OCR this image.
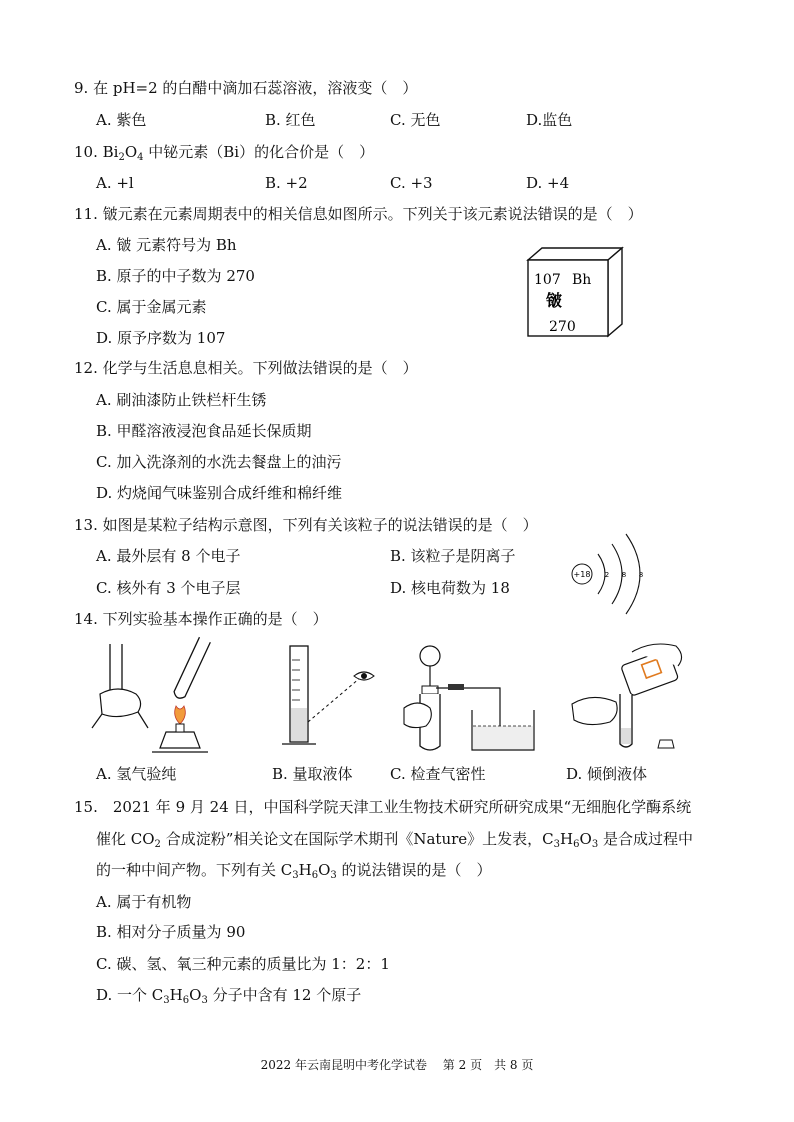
9. 在 pH=2 的白醋中滴加石蕊溶液，溶液变（　）
A. 紫色	B. 红色	C. 无色	D.监色
10. $Bi_2O_4$ 中铋元素（Bi）的化合价是（　）
A. +l	B. +2	C. +3	D. +4
11. 𬭛元素在元素周期表中的相关信息如图所示。下列关于该元素说法错误的是（　）
A. 𬭛 元素符号为 Bh
B. 原子的中子数为 270
C. 属于金属元素
D. 原予序数为 107
107 Bh
𬭛
270
12. 化学与生活息息相关。下列做法错误的是（　）
A. 刷油漆防止铁栏杆生锈
B. 甲醛溶液浸泡食品延长保质期
C. 加入洗涤剂的水洗去餐盘上的油污
D. 灼烧闻气味鉴别合成纤维和棉纤维
13. 如图是某粒子结构示意图，下列有关该粒子的说法错误的是（　）
A. 最外层有 8 个电子	B. 该粒子是阴离子
C. 核外有 3 个电子层	D. 核电荷数为 18
+18 2 8 8
14. 下列实验基本操作正确的是（　）
A. 氢气验纯	B. 量取液体 C. 检查气密性	D. 倾倒液体
15.　2021 年 9 月 24 日，中国科学院天津工业生物技术研究所研究成果“无细胞化学酶系统
催化 $CO_2$ 合成淀粉”相关论文在国际学术期刊《Nature》上发表，$C_3H_6O_3$ 是合成过程中
的一种中间产物。下列有关 $C_3H_6O_3$ 的说法错误的是（　）
A. 属于有机物
B. 相对分子质量为 90
C. 碳、氢、氧三种元素的质量比为 1：2：1
D. 一个 $C_3H_6O_3$ 分子中含有 12 个原子
2022 年云南昆明中考化学试卷　 第 2 页　共 8 页
